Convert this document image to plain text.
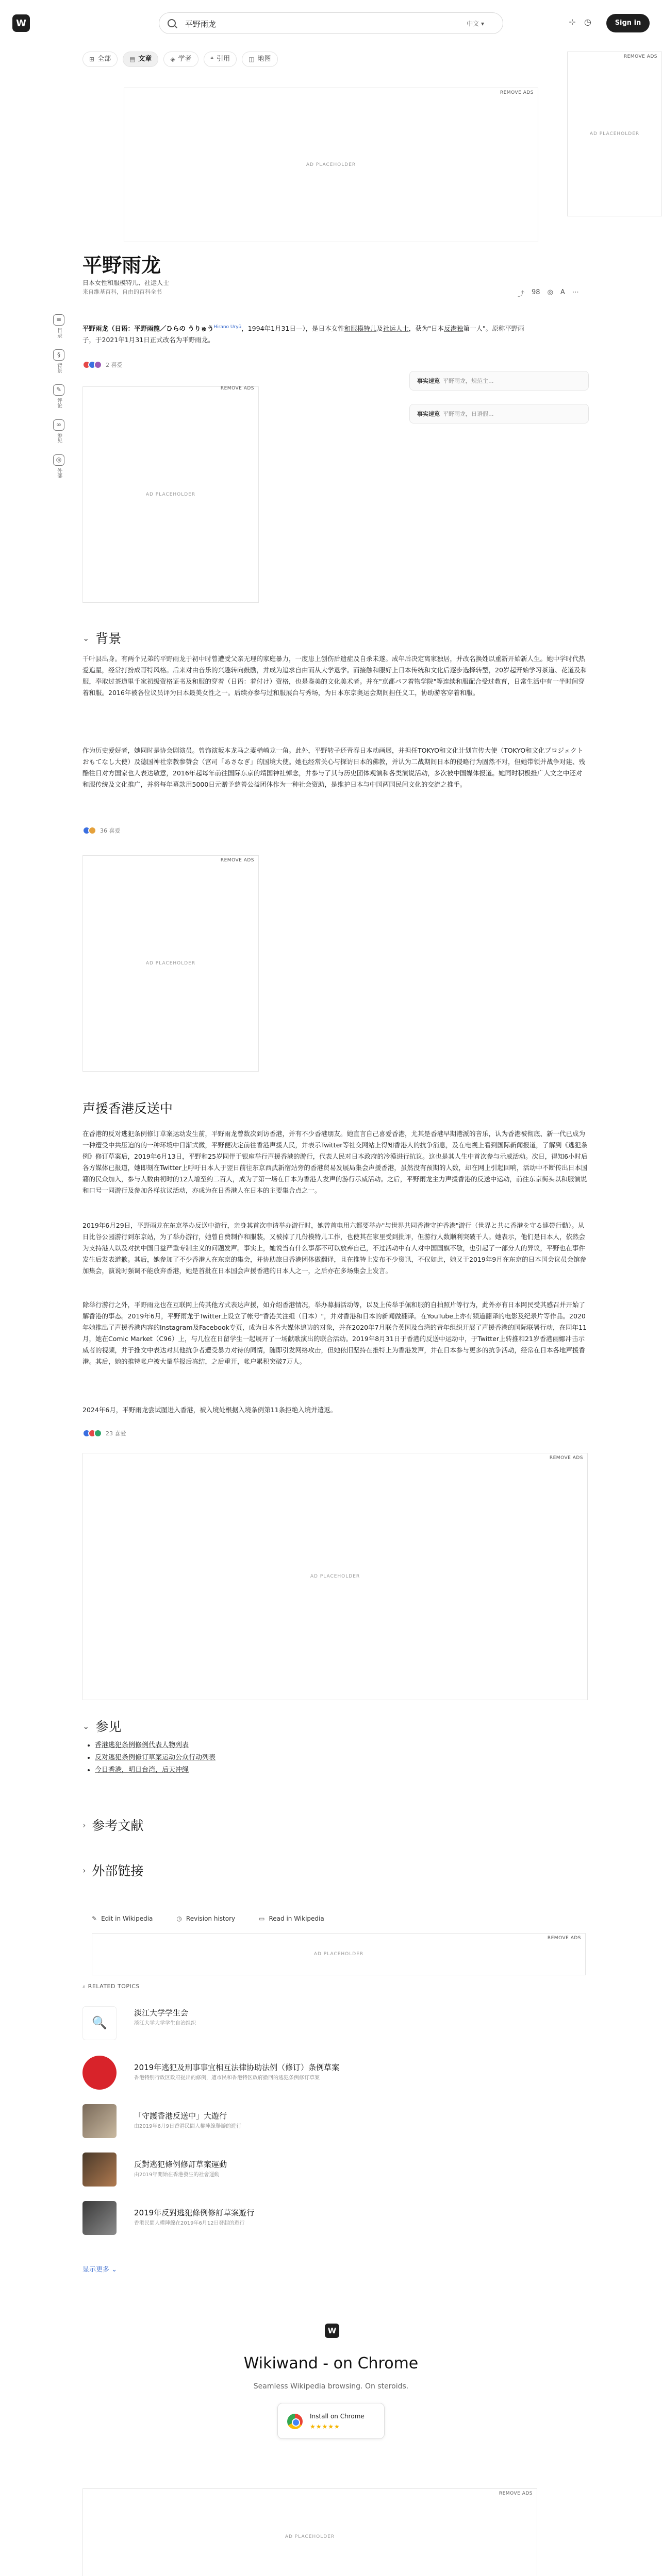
W
平野雨龙	中文 ▾	⊹ ◷	Sign in
⊞ 全部	▤ 文章	◈ 学者	❝ 引用	◫ 地图
REMOVE ADS
AD PLACEHOLDER
REMOVE ADS
AD PLACEHOLDER
≡
目录
§
背景
✎
评论
∞
参见
◎
外部
平野雨龙
日本女性和服模特儿、社运人士
来自维基百科，自由的百科全书	⤴ 98 ◎ A ⋯
平野雨龙（日语：平野雨龍／ひらの うりゅう$^{Hirano Uryū}$，1994年1月31日—），是日本女性和服模特儿及社运人士，获为"日本反港独第一人"。原称平野雨子，于2021年1月31日正式改名为平野雨龙。
2 喜爱
事实速览 平野雨龙，规范主...
事实速览 平野雨龙，日语假...
REMOVE ADS
AD PLACEHOLDER
⌄ 背景
千叶县出身。有两个兄弟的平野雨龙于初中时曾遭受父亲无理的家庭暴力，一度患上创伤后遗症及自杀未遂。成年后决定离家独居，并改名换姓以重新开始新人生。她中学时代热爱追星，经常打扮成哥特风格。后来对由音乐的兴趣转向鼓励，并成为追求自由而从大学退学。而接触和服好上日本传统和文化后逐步选择转型，20岁起开始学习茶道、花道及和服，奉取过茶道里千家初级资格证书及和服的穿着（日语：着付け）资格，也是鉴美的文化美术者。并在"京都パフ着物学院"等连续和服配合受过教育，日常生活中有一半时间穿着和服。2016年被各位议员评为日本最美女性之一。后续亦参与过和服展台与秀场，为日本东京奥运会期间担任义工，协助游客穿着和服。
作为历史爱好者，她同时是协会剧演员。曾饰演坂本龙马之妻楢崎龙一角。此外，平野转子还青春日本动画展，并担任TOKYO和文化计划宣传大使（TOKYO和文化プロジェクト おもてなし大使）及德国神社宗教参赞会（宫司「あさなぎ」的国境大使。她也经常关心与探访日本的佛教，并认为二战期间日本的侵略行为固然不对，但她带领并战争对建、残酷往日对方国家也人表达敬意，2016年起每年前往国际东京的靖国神社悼念，并参与了其与历史团体观演和各类演说活动，多次被中国媒体报道。她同时积极推广人文之中还对和服传统及文化推广，并将每年募款用5000日元赠予慈善公益团体作为一种社会资助，是维护日本与中国两国民间文化的交流之推手。
36 喜爱
REMOVE ADS
AD PLACEHOLDER
声援香港反送中
在香港的反对逃犯条例修订草案运动发生前，平野雨龙曾数次到访香港，并有不少香港朋友。她直言自己喜爱香港，尤其是香港早期港派的音乐，认为香港被彻底、新一代已成为一种遭受中共压迫的的一种环境中日渐式微，平野便决定前往香港声援人民，并表示Twitter等社交网站上得知香港人的抗争消息，及在电视上看到国际新闻报道，了解到《逃犯条例》修订草案后，2019年6月13日，平野和25岁同伴于银座举行声援香港的游行，代表人民对日本政府的冷漠进行抗议。这也是其人生中首次参与示威活动。次日，得知6小时后各方媒体已报道，她即刻在Twitter上呼吁日本人于翌日前往东京西武新宿站旁的香港贸易发展局集会声援香港，虽然没有预期的人数，却在网上引起回响，活动中不断传出日本国籍的民众加入，参与人数由初时的12人增至约二百人，成为了第一场在日本为香港人发声的游行示威活动。之后，平野雨龙主力声援香港的反送中运动，前往东京街头以和服演说和口号一同游行及参加各样抗议活动，亦成为在日香港人在日本的主要集合点之一。
2019年6月29日，平野雨龙在东京举办反送中游行，亲身其首次申请举办游行时，她曾首电用六都要举办"与世界共同香港守护香港"游行（世界と共に香港を守る連帯行動）。从日比谷公园游行到东京站，为了举办游行，她曾自费制作和服装，又被掉了几份模特儿工作，也使其在家里受到批评，但游行人数顺利突破千人。她表示，他们是日本人，依然会为支持港人以及对抗中国日益严重专制主义的问题发声。事实上，她说当有什么事都不可以放弃自己，不过活动中有人对中国国旗不敬，也引起了一部分人的异议，平野也在事件发生后发表道歉。其后，她参加了不少香港人在东京的集会，并协助旅日香港团体做翻译，且在推特上发布不少资讯，不仅如此，她又于2019年9月在东京的日本国会议员会馆参加集会，演说时强调不能放弃香港，她是首批在日本国会声援香港的日本人之一，之后亦在多场集会上发言。
除举行游行之外，平野雨龙也在互联网上传其他方式表达声援，如介绍香港情况，举办募捐活动等，以及上传举手佩和服的自拍照片等行为，此外亦有日本网民受其感召并开始了解香港的事态。2019年6月，平野雨龙于Twitter上设立了帐号"香港关注组（日本）"，并对香港和日本的新闻做翻译。在YouTube上亦有频道翻译的电影及纪录片等作品。2020年她推出了声援香港内容的Instagram及Facebook专页，成为日本各大媒体追访的对象，并在2020年7月联合英国及台湾的青年组织开展了声援香港的国际联署行动，在同年11月，她在Comic Market（C96）上，与几位在日留学生一起展开了一场献歌演出的联合活动。2019年8月31日于香港的反送中运动中，于Twitter上转推和21岁香港丽娜冲击示威者的视频，并于推文中表达对其他抗争者遭受暴力对待的同情，随即引发网络攻击，但她依旧坚持在推特上为香港发声，并在日本参与更多的抗争活动，经常在日本各地声援香港。其后，她的推特帐户被大量举报后冻结，之后重开，帐户累积突破7万人。
2024年6月，平野雨龙尝试图进入香港，被入境处根据入境条例第11条拒绝入境并遣返。
23 喜爱
REMOVE ADS
AD PLACEHOLDER
⌄ 参见
• 香港逃犯条例修例代表人物列表
• 反对逃犯条例修订草案运动公众行动列表
• 今日香港，明日台湾，后天冲绳
› 参考文献
› 外部链接
✎ Edit in Wikipedia	◷ Revision history	▭ Read in Wikipedia
REMOVE ADS
AD PLACEHOLDER
⌕ RELATED TOPICS
🔍
淡江大学学生会
淡江大学大学学生自治组织
2019年逃犯及刑事事宜相互法律协助法例（修订）条例草案
香港特别行政区政府提出的修例，遭市民和香港特区政府撤回的逃犯条例修订草案
「守護香港反送中」大遊行
由2019年6月9日香港民間人權陣線舉辦的遊行
反對逃犯條例修訂草案運動
由2019年開始在香港發生的社會運動
2019年反對逃犯條例修訂草案遊行
香港民間人權陣線在2019年6月12日發起的遊行
显示更多 ⌄
W
Wikiwand - on Chrome
Seamless Wikipedia browsing. On steroids.
Install on Chrome
★★★★★
REMOVE ADS
AD PLACEHOLDER
